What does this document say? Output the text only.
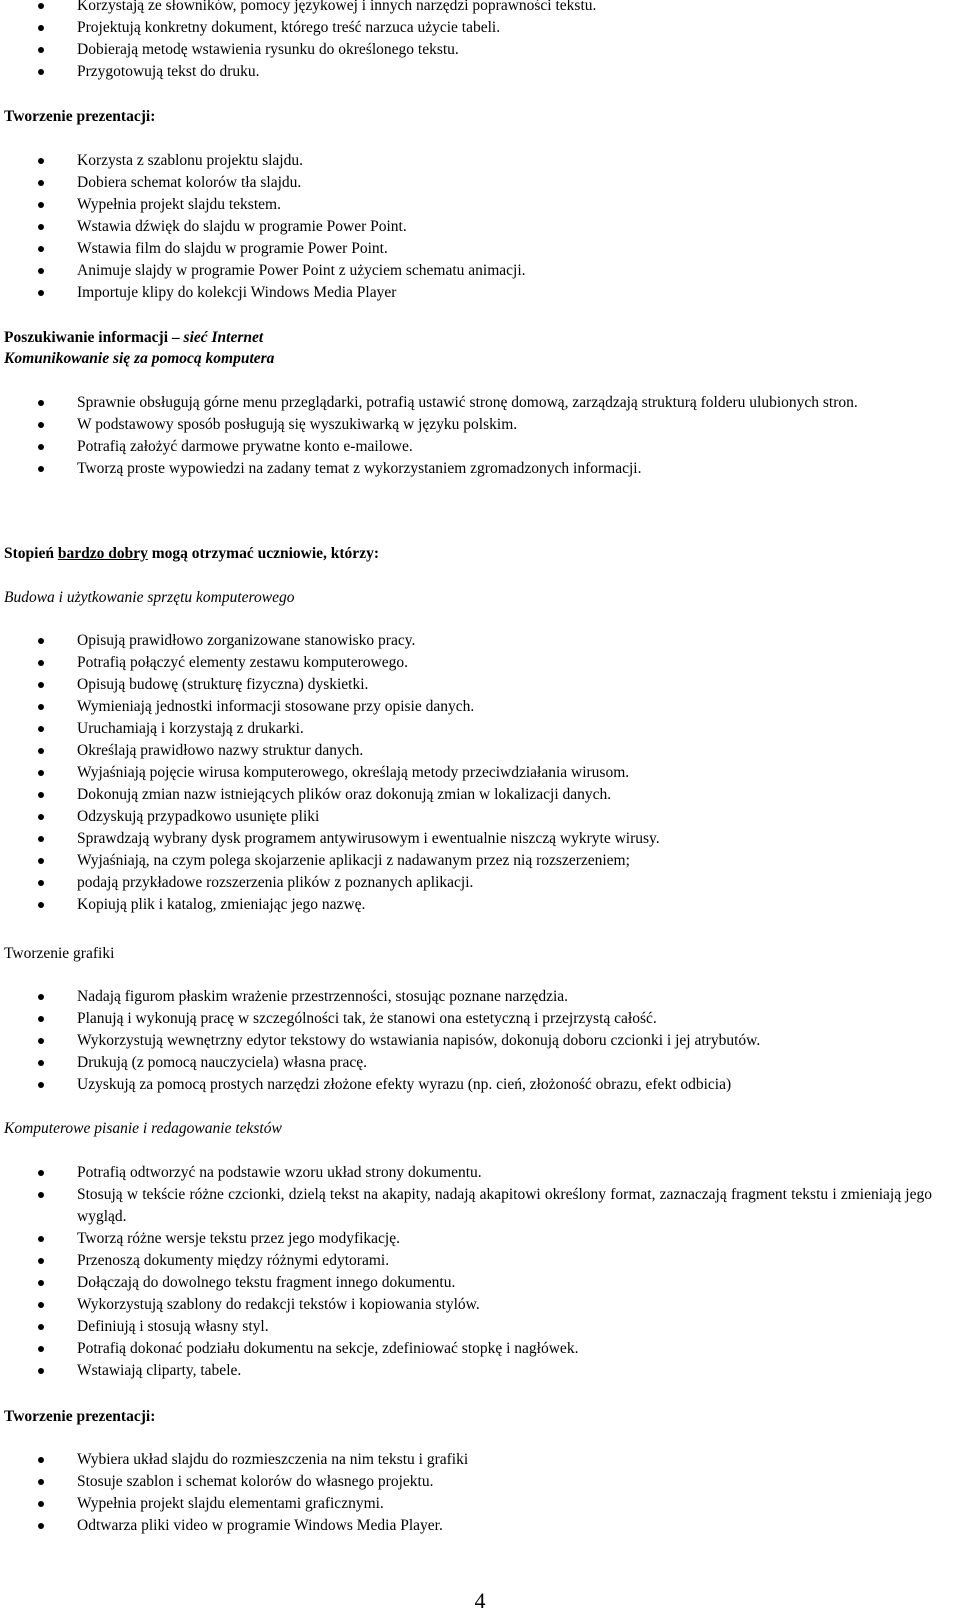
Korzystają ze słowników, pomocy językowej i innych narzędzi poprawności tekstu.
Projektują konkretny dokument, którego treść narzuca użycie tabeli.
Dobierają metodę wstawienia rysunku do określonego tekstu.
Przygotowują tekst do druku.
Tworzenie prezentacji:
Korzysta z szablonu projektu slajdu.
Dobiera schemat kolorów tła slajdu.
Wypełnia projekt slajdu tekstem.
Wstawia dźwięk do slajdu w programie Power Point.
Wstawia film do slajdu w programie Power Point.
Animuje slajdy w programie Power Point z użyciem schematu animacji.
Importuje klipy do kolekcji Windows Media Player
Poszukiwanie informacji – sieć Internet
Komunikowanie się za pomocą komputera
Sprawnie obsługują górne menu przeglądarki, potrafią ustawić stronę domową, zarządzają strukturą folderu ulubionych stron.
W podstawowy sposób posługują się wyszukiwarką w języku polskim.
Potrafią założyć darmowe prywatne konto e-mailowe.
Tworzą proste wypowiedzi na zadany temat z wykorzystaniem zgromadzonych informacji.
Stopień bardzo dobry mogą otrzymać uczniowie, którzy:
Budowa i użytkowanie sprzętu komputerowego
Opisują prawidłowo zorganizowane stanowisko pracy.
Potrafią połączyć elementy zestawu komputerowego.
Opisują budowę (strukturę fizyczna) dyskietki.
Wymieniają jednostki informacji stosowane przy opisie danych.
Uruchamiają i korzystają z drukarki.
Określają prawidłowo nazwy struktur danych.
Wyjaśniają pojęcie wirusa komputerowego, określają metody przeciwdziałania wirusom.
Dokonują zmian nazw istniejących plików oraz dokonują zmian w lokalizacji danych.
Odzyskują przypadkowo usunięte pliki
Sprawdzają wybrany dysk programem antywirusowym i ewentualnie niszczą wykryte wirusy.
Wyjaśniają, na czym polega skojarzenie aplikacji z nadawanym przez nią rozszerzeniem;
podają przykładowe rozszerzenia plików z poznanych aplikacji.
Kopiują plik i katalog, zmieniając jego nazwę.
Tworzenie grafiki
Nadają figurom płaskim wrażenie przestrzenności, stosując poznane narzędzia.
Planują i wykonują pracę w szczególności tak, że stanowi ona estetyczną i przejrzystą całość.
Wykorzystują wewnętrzny edytor tekstowy do wstawiania napisów, dokonują doboru czcionki i jej atrybutów.
Drukują (z pomocą nauczyciela) własna pracę.
Uzyskują za pomocą prostych narzędzi złożone efekty wyrazu (np. cień, złożoność obrazu, efekt odbicia)
Komputerowe pisanie i redagowanie tekstów
Potrafią odtworzyć na podstawie wzoru układ strony dokumentu.
Stosują w tekście różne czcionki, dzielą tekst na akapity, nadają akapitowi określony format, zaznaczają fragment tekstu i zmieniają jego wygląd.
Tworzą różne wersje tekstu przez jego modyfikację.
Przenoszą dokumenty między różnymi edytorami.
Dołączają do dowolnego tekstu fragment innego dokumentu.
Wykorzystują szablony do redakcji tekstów i kopiowania stylów.
Definiują i stosują własny styl.
Potrafią dokonać podziału dokumentu na sekcje, zdefiniować stopkę i nagłówek.
Wstawiają cliparty, tabele.
Tworzenie prezentacji:
Wybiera układ slajdu do rozmieszczenia na nim tekstu i grafiki
Stosuje szablon i schemat kolorów do własnego projektu.
Wypełnia projekt slajdu elementami graficznymi.
Odtwarza pliki video w programie Windows Media Player.
4
